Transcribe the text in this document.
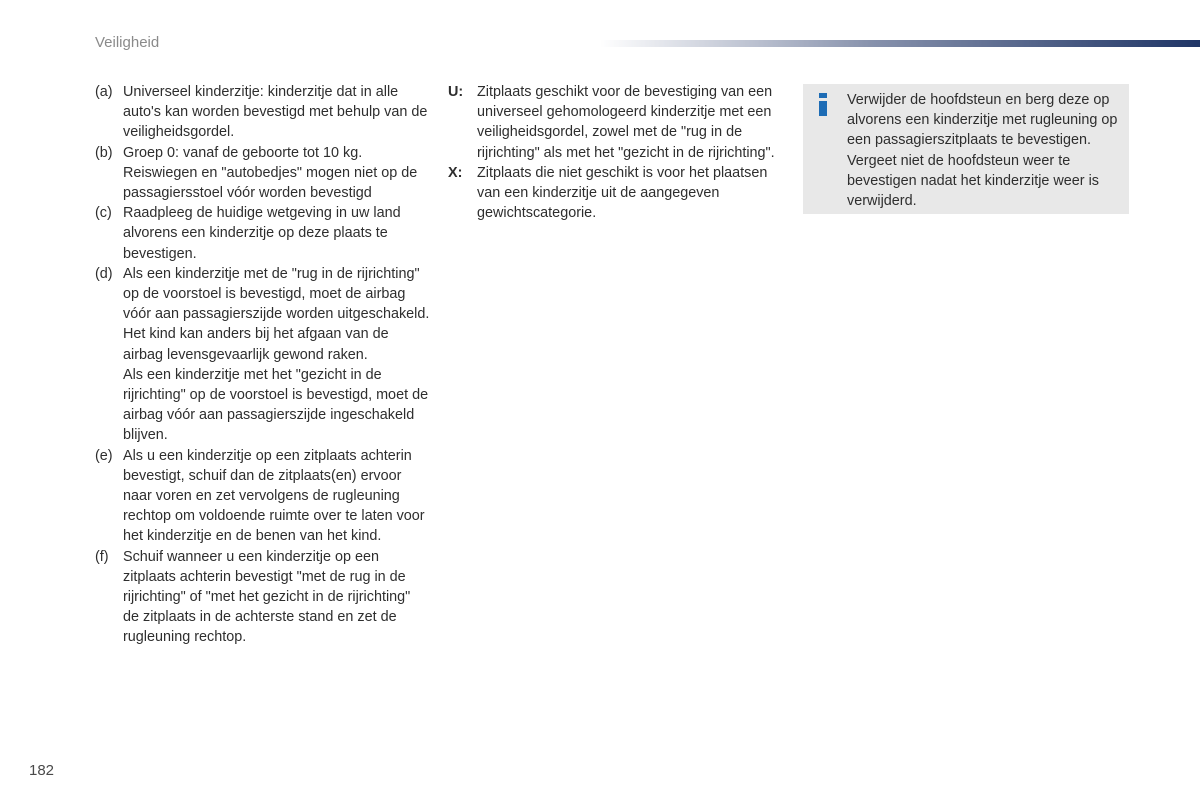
Veiligheid
(a) Universeel kinderzitje: kinderzitje dat in alle auto's kan worden bevestigd met behulp van de veiligheidsgordel.
(b) Groep 0: vanaf de geboorte tot 10 kg. Reiswiegen en "autobedjes" mogen niet op de passagiersstoel vóór worden bevestigd
(c) Raadpleeg de huidige wetgeving in uw land alvorens een kinderzitje op deze plaats te bevestigen.
(d) Als een kinderzitje met de "rug in de rijrichting" op de voorstoel is bevestigd, moet de airbag vóór aan passagierszijde worden uitgeschakeld. Het kind kan anders bij het afgaan van de airbag levensgevaarlijk gewond raken.
Als een kinderzitje met het "gezicht in de rijrichting" op de voorstoel is bevestigd, moet de airbag vóór aan passagierszijde ingeschakeld blijven.
(e) Als u een kinderzitje op een zitplaats achterin bevestigt, schuif dan de zitplaats(en) ervoor naar voren en zet vervolgens de rugleuning rechtop om voldoende ruimte over te laten voor het kinderzitje en de benen van het kind.
(f)	Schuif wanneer u een kinderzitje op een zitplaats achterin bevestigt "met de rug in de rijrichting" of "met het gezicht in de rijrichting" de zitplaats in de achterste stand en zet de rugleuning rechtop.
U: Zitplaats geschikt voor de bevestiging van een universeel gehomologeerd kinderzitje met een veiligheidsgordel, zowel met de "rug in de rijrichting" als met het "gezicht in de rijrichting".
X:	Zitplaats die niet geschikt is voor het plaatsen van een kinderzitje uit de aangegeven gewichtscategorie.
Verwijder de hoofdsteun en berg deze op alvorens een kinderzitje met rugleuning op een passagierszitplaats te bevestigen. Vergeet niet de hoofdsteun weer te bevestigen nadat het kinderzitje weer is verwijderd.
182
